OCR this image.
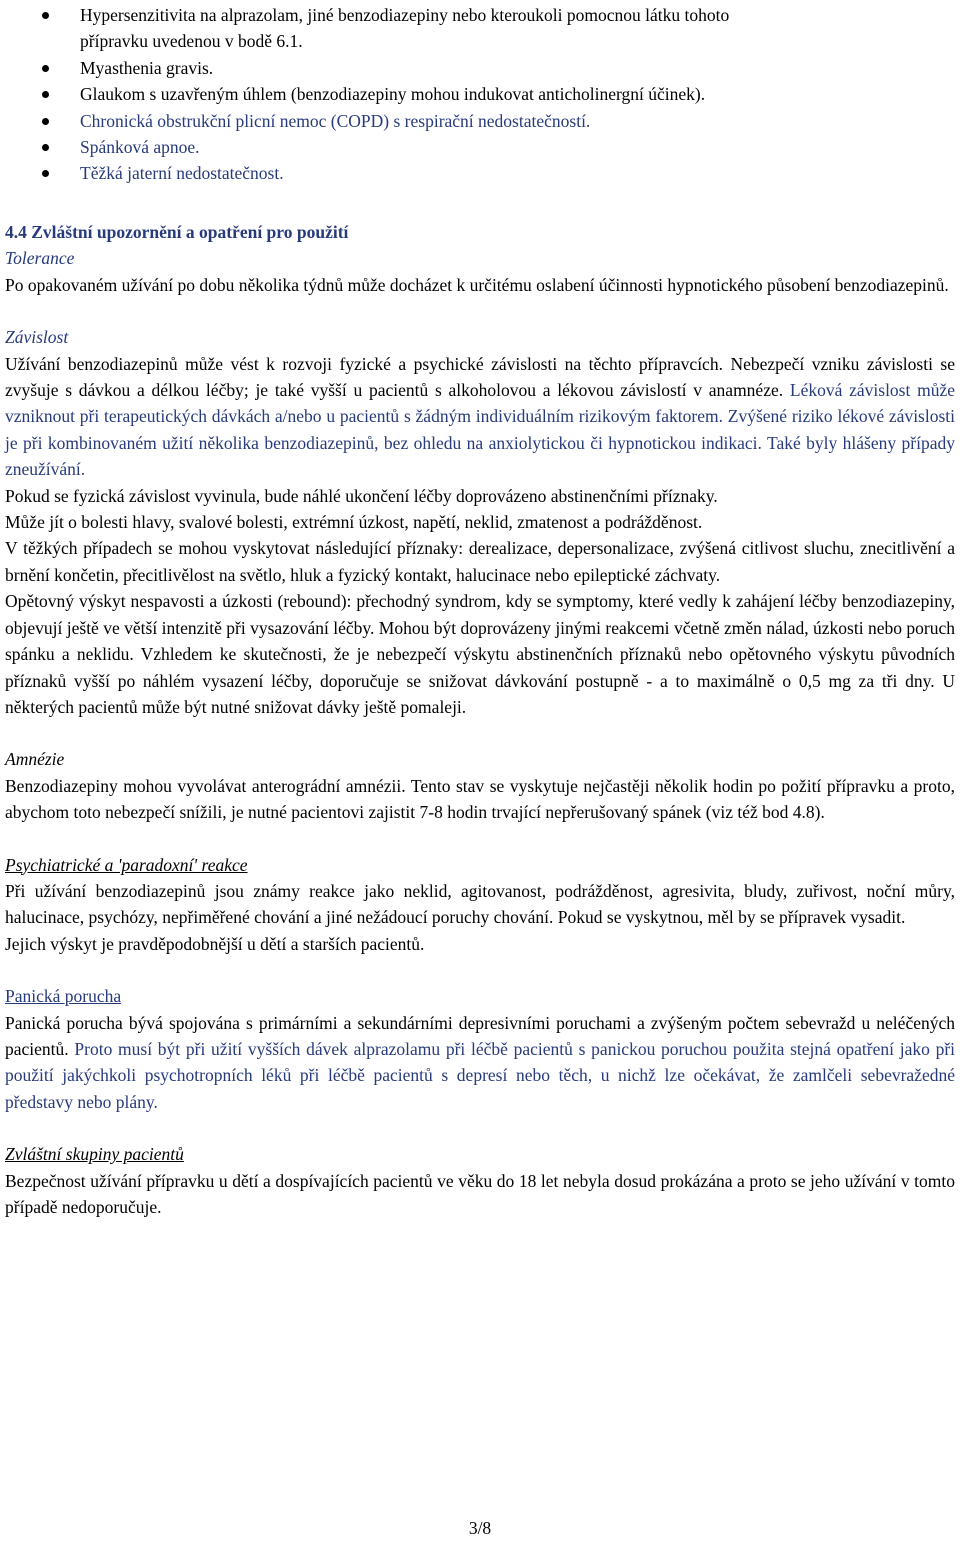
Hypersenzitivita na alprazolam, jiné benzodiazepiny nebo kteroukoli pomocnou látku tohoto
přípravku uvedenou v bodě 6.1.
Myasthenia gravis.
Glaukom s uzavřeným úhlem (benzodiazepiny mohou indukovat anticholinergní účinek).
Chronická obstrukční plicní nemoc (COPD) s respirační nedostatečností.
Spánková apnoe.
Těžká jaterní nedostatečnost.
4.4 Zvláštní upozornění a opatření pro použití
Tolerance

Po opakovaném užívání po dobu několika týdnů může docházet k určitému oslabení účinnosti hypnotického působení benzodiazepinů.

Závislost

Užívání benzodiazepinů může vést k rozvoji fyzické a psychické závislosti na těchto přípravcích. Nebezpečí vzniku závislosti se zvyšuje s dávkou a délkou léčby; je také vyšší u pacientů s alkoholovou a lékovou závislostí v anamnéze. Léková závislost může vzniknout při terapeutických dávkách a/nebo u pacientů s žádným individuálním rizikovým faktorem. Zvýšené riziko lékové závislosti je při kombinovaném užití několika benzodiazepinů, bez ohledu na anxiolytickou či hypnotickou indikaci. Také byly hlášeny případy zneužívání.

Pokud se fyzická závislost vyvinula, bude náhlé ukončení léčby doprovázeno abstinenčními příznaky.

Může jít o bolesti hlavy, svalové bolesti, extrémní úzkost, napětí, neklid, zmatenost a podrážděnost.

V těžkých případech se mohou vyskytovat následující příznaky: derealizace, depersonalizace, zvýšená citlivost sluchu, znecitlivění a brnění končetin, přecitlivělost na světlo, hluk a fyzický kontakt, halucinace nebo epileptické záchvaty.

Opětovný výskyt nespavosti a úzkosti (rebound): přechodný syndrom, kdy se symptomy, které vedly k zahájení léčby benzodiazepiny, objevují ještě ve větší intenzitě při vysazování léčby. Mohou být doprovázeny jinými reakcemi včetně změn nálad, úzkosti nebo poruch spánku a neklidu. Vzhledem ke skutečnosti, že je nebezpečí výskytu abstinenčních příznaků nebo opětovného výskytu původních příznaků vyšší po náhlém vysazení léčby, doporučuje se snižovat dávkování postupně - a to maximálně o 0,5 mg za tři dny. U některých pacientů může být nutné snižovat dávky ještě pomaleji.

Amnézie

Benzodiazepiny mohou vyvolávat anterográdní amnézii. Tento stav se vyskytuje nejčastěji několik hodin po požití přípravku a proto, abychom toto nebezpečí snížili, je nutné pacientovi zajistit 7-8 hodin trvající nepřerušovaný spánek (viz též bod 4.8).

Psychiatrické a 'paradoxní' reakce

Při užívání benzodiazepinů jsou známy reakce jako neklid, agitovanost, podrážděnost, agresivita, bludy, zuřivost, noční můry, halucinace, psychózy, nepřiměřené chování a jiné nežádoucí poruchy chování. Pokud se vyskytnou, měl by se přípravek vysadit.

Jejich výskyt je pravděpodobnější u dětí a starších pacientů.

Panická porucha

Panická porucha bývá spojována s primárními a sekundárními depresivními poruchami a zvýšeným počtem sebevražd u neléčených pacientů. Proto musí být při užití vyšších dávek alprazolamu při léčbě pacientů s panickou poruchou použita stejná opatření jako při použití jakýchkoli psychotropních léků při léčbě pacientů s depresí nebo těch, u nichž lze očekávat, že zamlčeli sebevražedné představy nebo plány.

Zvláštní skupiny pacientů

Bezpečnost užívání přípravku u dětí a dospívajících pacientů ve věku do 18 let nebyla dosud prokázána a proto se jeho užívání v tomto případě nedoporučuje.

3/8
